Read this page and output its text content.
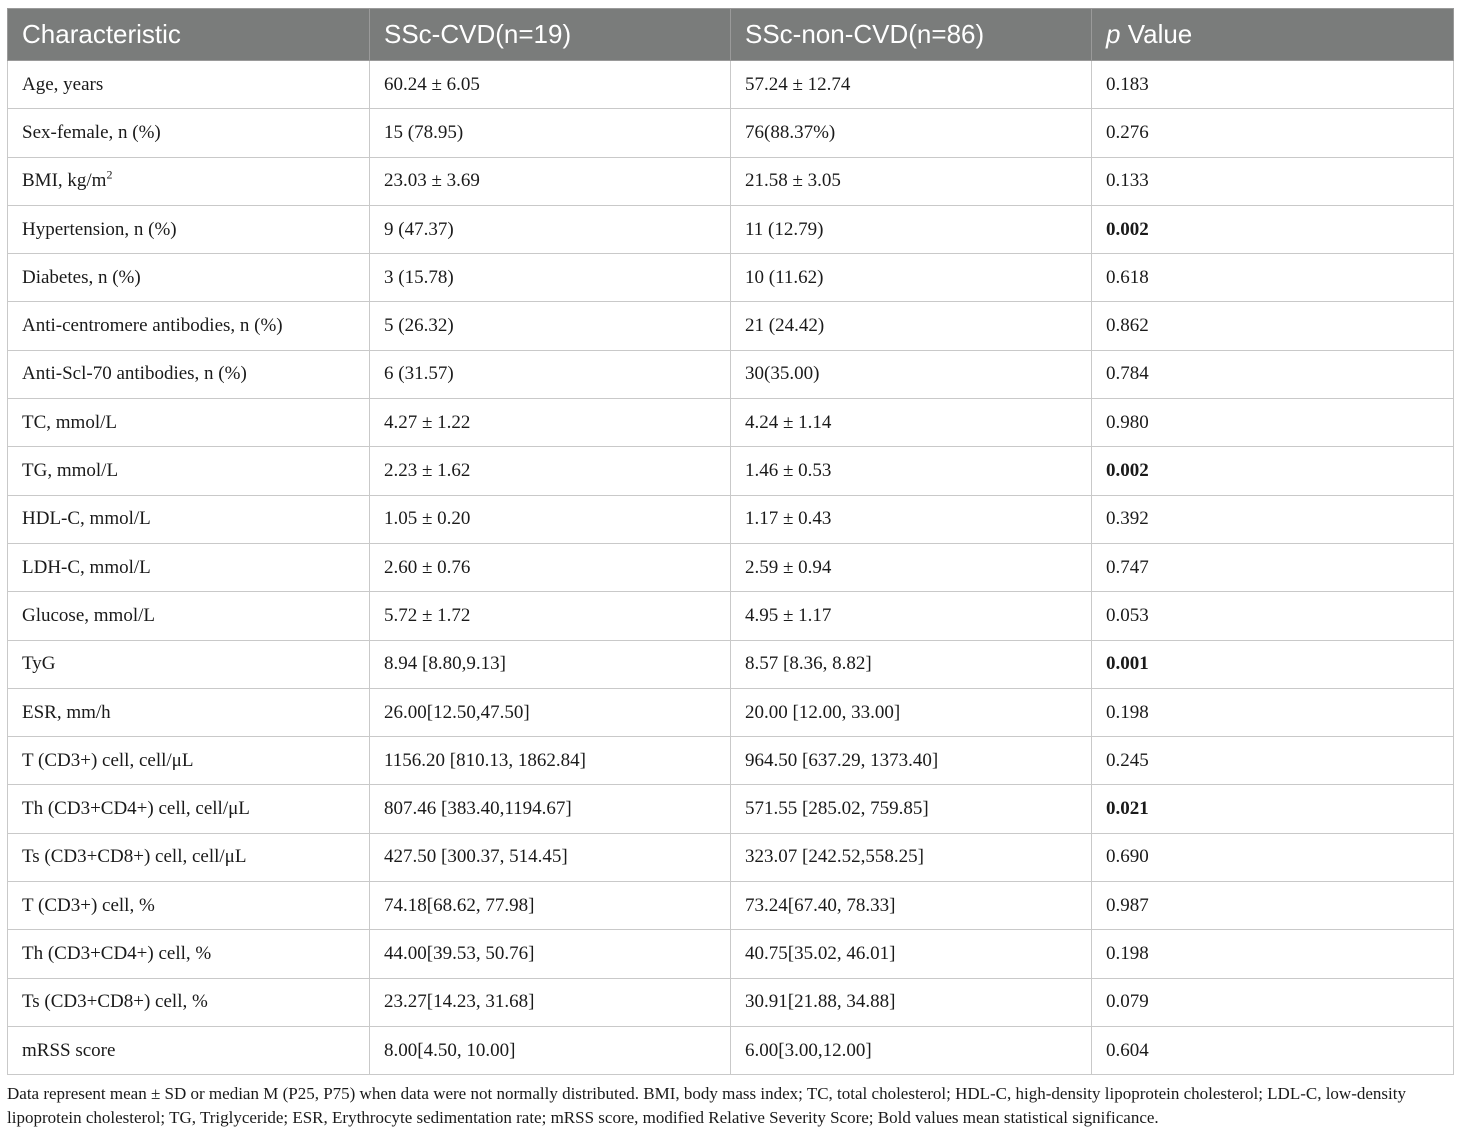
Characteristic	SSc-CVD(n=19)	SSc-non-CVD(n=86)	p Value
Age, years	60.24 ± 6.05	57.24 ± 12.74	0.183
Sex-female, n (%)	15 (78.95)	76(88.37%)	0.276
BMI, $kg/m^2$	23.03 ± 3.69	21.58 ± 3.05	0.133
Hypertension, n (%)	9 (47.37)	11 (12.79)	0.002
Diabetes, n (%)	3 (15.78)	10 (11.62)	0.618
Anti-centromere antibodies, n (%)	5 (26.32)	21 (24.42)	0.862
Anti-Scl-70 antibodies, n (%)	6 (31.57)	30(35.00)	0.784
TC, mmol/L	4.27 ± 1.22	4.24 ± 1.14	0.980
TG, mmol/L	2.23 ± 1.62	1.46 ± 0.53	0.002
HDL-C, mmol/L	1.05 ± 0.20	1.17 ± 0.43	0.392
LDH-C, mmol/L	2.60 ± 0.76	2.59 ± 0.94	0.747
Glucose, mmol/L	5.72 ± 1.72	4.95 ± 1.17	0.053
TyG	8.94 [8.80,9.13]	8.57 [8.36, 8.82]	0.001
ESR, mm/h	26.00[12.50,47.50]	20.00 [12.00, 33.00]	0.198
T (CD3+) cell, cell/μL	1156.20 [810.13, 1862.84]	964.50 [637.29, 1373.40]	0.245
Th (CD3+CD4+) cell, cell/μL	807.46 [383.40,1194.67]	571.55 [285.02, 759.85]	0.021
Ts (CD3+CD8+) cell, cell/μL	427.50 [300.37, 514.45]	323.07 [242.52,558.25]	0.690
T (CD3+) cell, %	74.18[68.62, 77.98]	73.24[67.40, 78.33]	0.987
Th (CD3+CD4+) cell, %	44.00[39.53, 50.76]	40.75[35.02, 46.01]	0.198
Ts (CD3+CD8+) cell, %	23.27[14.23, 31.68]	30.91[21.88, 34.88]	0.079
mRSS score	8.00[4.50, 10.00]	6.00[3.00,12.00]	0.604
Data represent mean ± SD or median M (P25, P75) when data were not normally distributed. BMI, body mass index; TC, total cholesterol; HDL-C, high-density lipoprotein cholesterol; LDL-C, low-density lipoprotein cholesterol; TG, Triglyceride; ESR, Erythrocyte sedimentation rate; mRSS score, modified Relative Severity Score; Bold values mean statistical significance.
